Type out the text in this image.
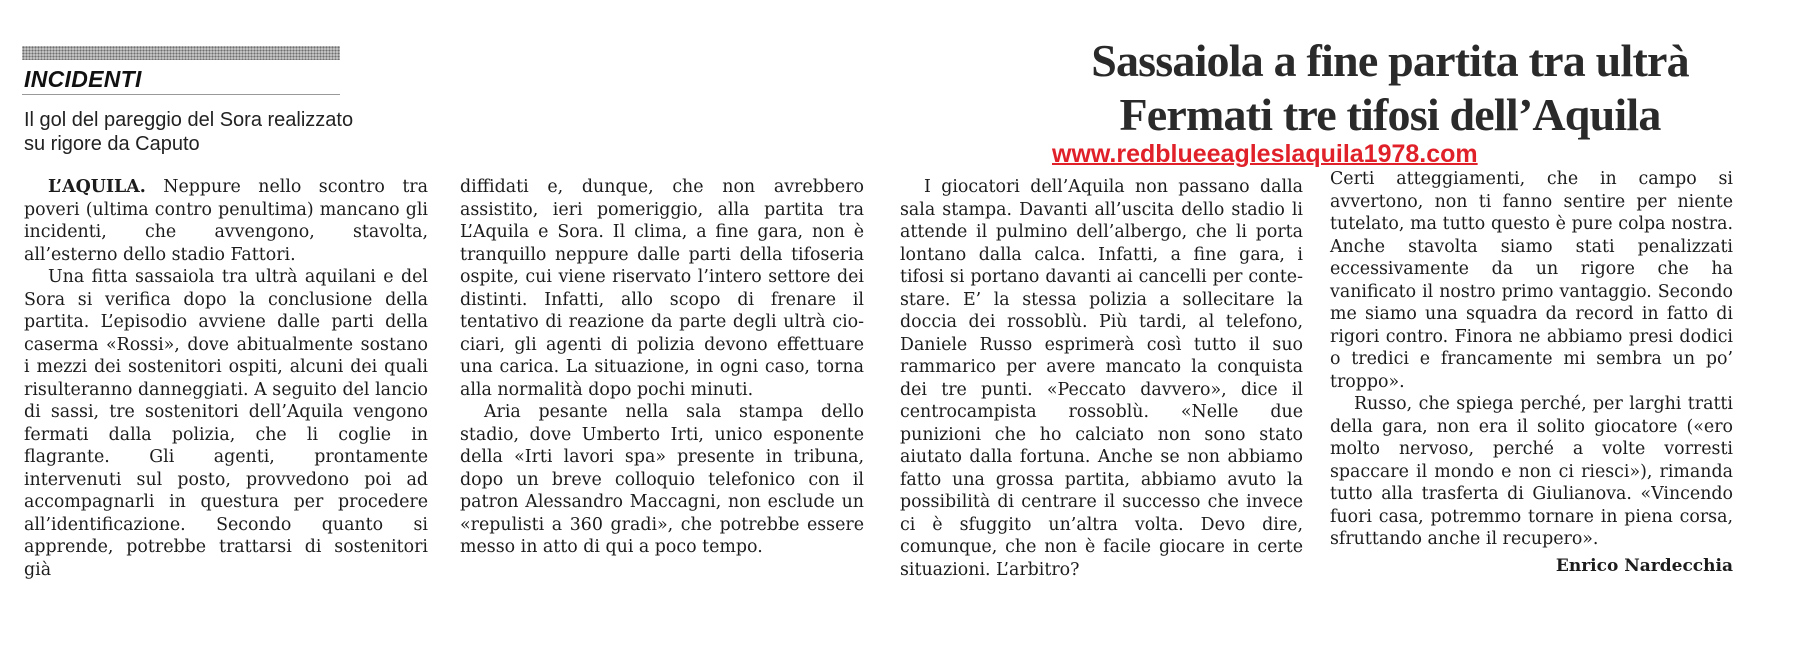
INCIDENTI

Il gol del pareggio del Sora realizzato su rigore da Caputo

Sassaiola a fine partita tra ultrà
Fermati tre tifosi dell’Aquila
www.redblueeagleslaquila1978.com

L’AQUILA. Neppure nello scontro tra poveri (ultima contro penultima) mancano gli incidenti, che avvengono, stavolta, all’esterno dello stadio Fattori.

Una fitta sassaiola tra ultrà aquilani e del Sora si verifica dopo la conclusione della partita. L’episodio avviene dalle parti della caserma «Rossi», dove abitualmente sostano i mezzi dei sostenitori ospiti, alcuni dei quali risulteranno danneggiati. A seguito del lancio di sassi, tre sostenitori dell’Aquila vengono fermati dalla polizia, che li coglie in flagrante. Gli agenti, prontamente intervenuti sul posto, provvedono poi ad accompagnarli in questura per procedere all’identificazione. Secondo quanto si apprende, potrebbe trattarsi di sostenitori già

diffidati e, dunque, che non avrebbero assistito, ieri pomeriggio, alla partita tra L’Aquila e Sora. Il clima, a fine gara, non è tranquillo neppure dalle parti della tifoseria ospite, cui viene riservato l’intero settore dei distinti. Infatti, allo scopo di frenare il tentativo di reazione da parte degli ultrà ciociari, gli agenti di polizia devono effettuare una carica. La situazione, in ogni caso, torna alla normalità dopo pochi minuti.

Aria pesante nella sala stampa dello stadio, dove Umberto Irti, unico esponente della «Irti lavori spa» presente in tribuna, dopo un breve colloquio telefonico con il patron Alessandro Maccagni, non esclude un «repulisti a 360 gradi», che potrebbe essere messo in atto di qui a poco tempo.

I giocatori dell’Aquila non passano dalla sala stampa. Davanti all’uscita dello stadio li attende il pulmino dell’albergo, che li porta lontano dalla calca. Infatti, a fine gara, i tifosi si portano davanti ai cancelli per contestare. E’ la stessa polizia a sollecitare la doccia dei rossoblù. Più tardi, al telefono, Daniele Russo esprimerà così tutto il suo rammarico per avere mancato la conquista dei tre punti. «Peccato davvero», dice il centrocampista rossoblù. «Nelle due punizioni che ho calciato non sono stato aiutato dalla fortuna. Anche se non abbiamo fatto una grossa partita, abbiamo avuto la possibilità di centrare il successo che invece ci è sfuggito un’altra volta. Devo dire, comunque, che non è facile giocare in certe situazioni. L’arbitro?

Certi atteggiamenti, che in campo si avvertono, non ti fanno sentire per niente tutelato, ma tutto questo è pure colpa nostra. Anche stavolta siamo stati penalizzati eccessivamente da un rigore che ha vanificato il nostro primo vantaggio. Secondo me siamo una squadra da record in fatto di rigori contro. Finora ne abbiamo presi dodici o tredici e francamente mi sembra un po’ troppo».

Russo, che spiega perché, per larghi tratti della gara, non era il solito giocatore («ero molto nervoso, perché a volte vorresti spaccare il mondo e non ci riesci»), rimanda tutto alla trasferta di Giulianova. «Vincendo fuori casa, potremmo tornare in piena corsa, sfruttando anche il recupero».

Enrico Nardecchia
